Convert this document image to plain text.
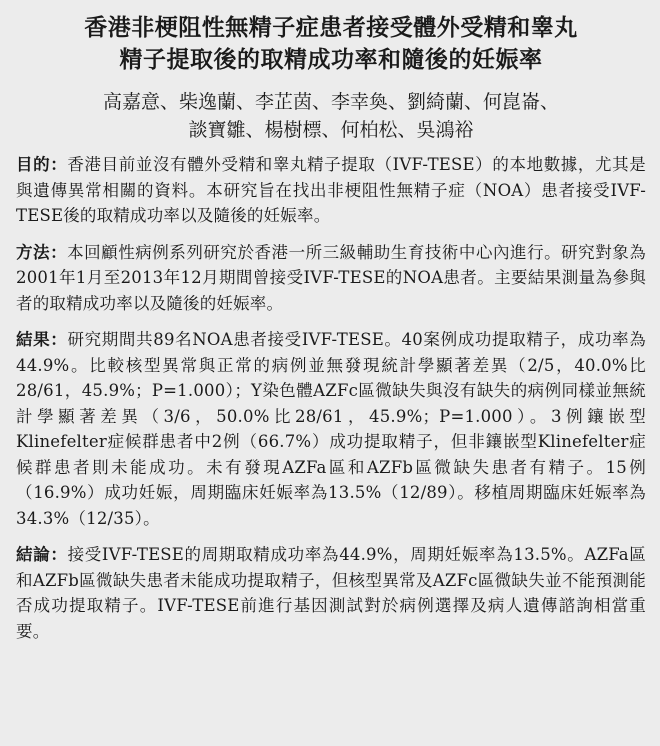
香港非梗阻性無精子症患者接受體外受精和睾丸
精子提取後的取精成功率和隨後的妊娠率
高嘉意、柴逸蘭、李芷茵、李幸奐、劉綺蘭、何崑崙、
談寶雛、楊樹標、何柏松、吳鴻裕

目的：香港目前並沒有體外受精和睾丸精子提取（IVF-TESE）的本地數據，尤其是與遺傳異常相關的資料。本研究旨在找出非梗阻性無精子症（NOA）患者接受IVF-TESE後的取精成功率以及隨後的妊娠率。

方法：本回顧性病例系列研究於香港一所三級輔助生育技術中心內進行。研究對象為2001年1月至2013年12月期間曾接受IVF-TESE的NOA患者。主要結果測量為參與者的取精成功率以及隨後的妊娠率。

結果：研究期間共89名NOA患者接受IVF-TESE。40案例成功提取精子，成功率為44.9%。比較核型異常與正常的病例並無發現統計學顯著差異（2/5，40.0%比28/61，45.9%；P=1.000）；Y染色體AZFc區微缺失與沒有缺失的病例同樣並無統計學顯著差異（3/6，50.0%比28/61，45.9%；P=1.000）。3例鑲嵌型Klinefelter症候群患者中2例（66.7%）成功提取精子，但非鑲嵌型Klinefelter症候群患者則未能成功。未有發現AZFa區和AZFb區微缺失患者有精子。15例（16.9%）成功妊娠，周期臨床妊娠率為13.5%（12/89）。移植周期臨床妊娠率為34.3%（12/35）。

結論：接受IVF-TESE的周期取精成功率為44.9%，周期妊娠率為13.5%。AZFa區和AZFb區微缺失患者未能成功提取精子，但核型異常及AZFc區微缺失並不能預測能否成功提取精子。IVF-TESE前進行基因測試對於病例選擇及病人遺傳諮詢相當重要。
